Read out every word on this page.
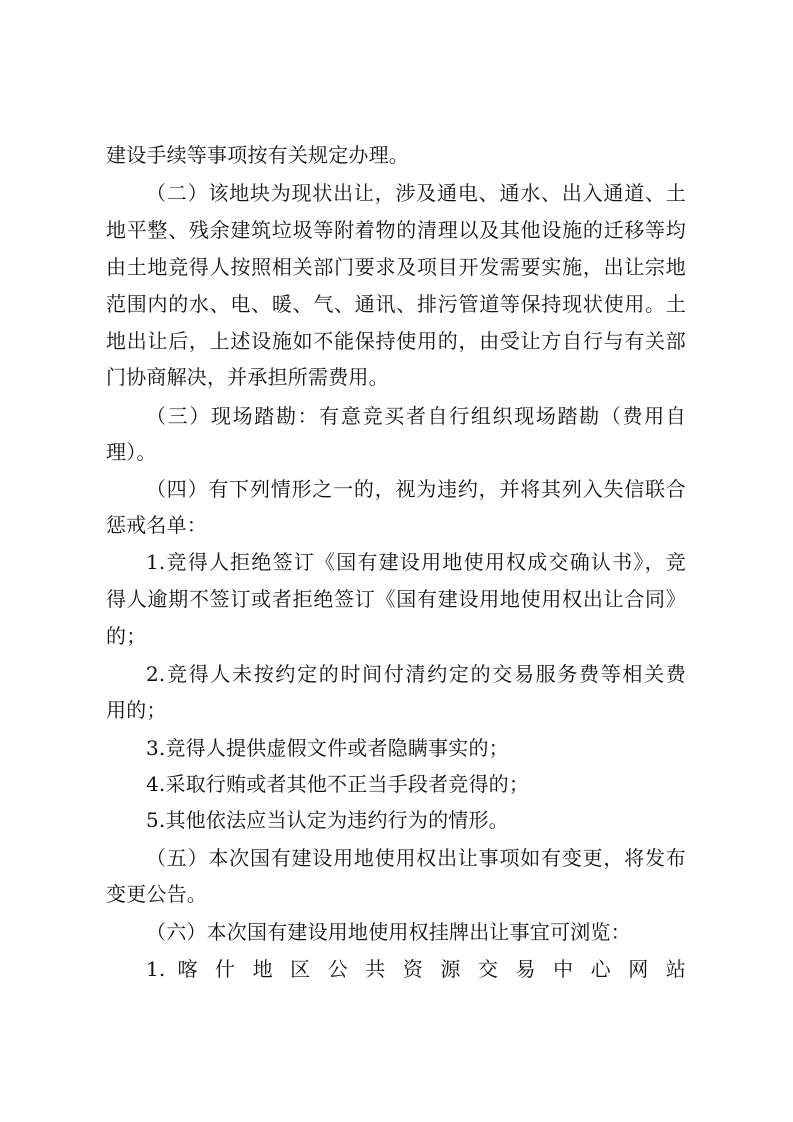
建设手续等事项按有关规定办理。
（二）该地块为现状出让，涉及通电、通水、出入通道、土
地平整、残余建筑垃圾等附着物的清理以及其他设施的迁移等均
由土地竞得人按照相关部门要求及项目开发需要实施，出让宗地
范围内的水、电、暖、气、通讯、排污管道等保持现状使用。土
地出让后，上述设施如不能保持使用的，由受让方自行与有关部
门协商解决，并承担所需费用。
（三）现场踏勘：有意竞买者自行组织现场踏勘（费用自
理）。
（四）有下列情形之一的，视为违约，并将其列入失信联合
惩戒名单：
1.竞得人拒绝签订《国有建设用地使用权成交确认书》，竞
得人逾期不签订或者拒绝签订《国有建设用地使用权出让合同》
的；
2.竞得人未按约定的时间付清约定的交易服务费等相关费
用的；
3.竞得人提供虚假文件或者隐瞒事实的；
4.采取行贿或者其他不正当手段者竞得的；
5.其他依法应当认定为违约行为的情形。
（五）本次国有建设用地使用权出让事项如有变更，将发布
变更公告。
（六）本次国有建设用地使用权挂牌出让事宜可浏览：
1. 喀 什 地 区 公 共 资 源 交 易 中 心 网 站
